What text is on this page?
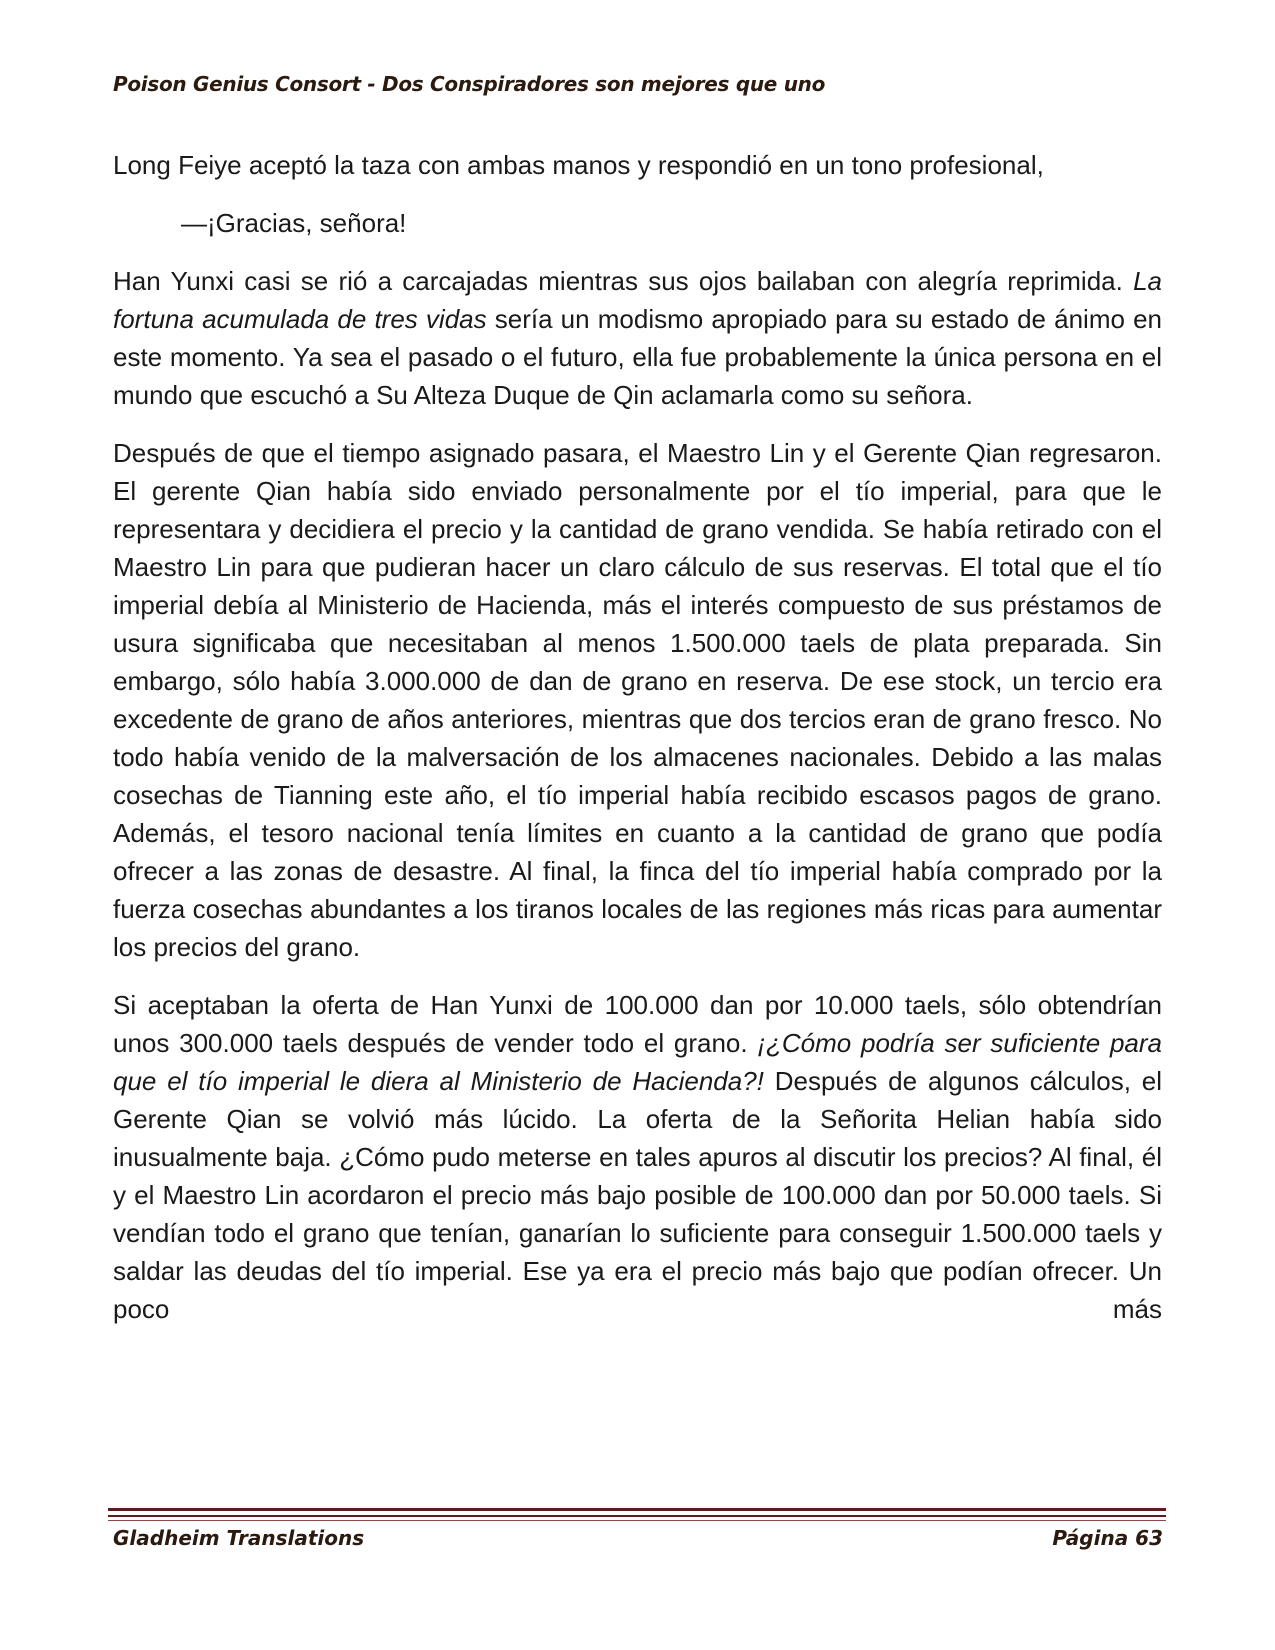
Poison Genius Consort - Dos Conspiradores son mejores que uno

Long Feiye aceptó la taza con ambas manos y respondió en un tono profesional,

—¡Gracias, señora!

Han Yunxi casi se rió a carcajadas mientras sus ojos bailaban con alegría reprimida. La fortuna acumulada de tres vidas sería un modismo apropiado para su estado de ánimo en este momento. Ya sea el pasado o el futuro, ella fue probablemente la única persona en el mundo que escuchó a Su Alteza Duque de Qin aclamarla como su señora.

Después de que el tiempo asignado pasara, el Maestro Lin y el Gerente Qian regresaron. El gerente Qian había sido enviado personalmente por el tío imperial, para que le representara y decidiera el precio y la cantidad de grano vendida. Se había retirado con el Maestro Lin para que pudieran hacer un claro cálculo de sus reservas. El total que el tío imperial debía al Ministerio de Hacienda, más el interés compuesto de sus préstamos de usura significaba que necesitaban al menos 1.500.000 taels de plata preparada. Sin embargo, sólo había 3.000.000 de dan de grano en reserva. De ese stock, un tercio era excedente de grano de años anteriores, mientras que dos tercios eran de grano fresco. No todo había venido de la malversación de los almacenes nacionales. Debido a las malas cosechas de Tianning este año, el tío imperial había recibido escasos pagos de grano. Además, el tesoro nacional tenía límites en cuanto a la cantidad de grano que podía ofrecer a las zonas de desastre. Al final, la finca del tío imperial había comprado por la fuerza cosechas abundantes a los tiranos locales de las regiones más ricas para aumentar los precios del grano.

Si aceptaban la oferta de Han Yunxi de 100.000 dan por 10.000 taels, sólo obtendrían unos 300.000 taels después de vender todo el grano. ¡¿Cómo podría ser suficiente para que el tío imperial le diera al Ministerio de Hacienda?! Después de algunos cálculos, el Gerente Qian se volvió más lúcido. La oferta de la Señorita Helian había sido inusualmente baja. ¿Cómo pudo meterse en tales apuros al discutir los precios? Al final, él y el Maestro Lin acordaron el precio más bajo posible de 100.000 dan por 50.000 taels. Si vendían todo el grano que tenían, ganarían lo suficiente para conseguir 1.500.000 taels y saldar las deudas del tío imperial. Ese ya era el precio más bajo que podían ofrecer. Un poco más

Gladheim Translations	Página 63
